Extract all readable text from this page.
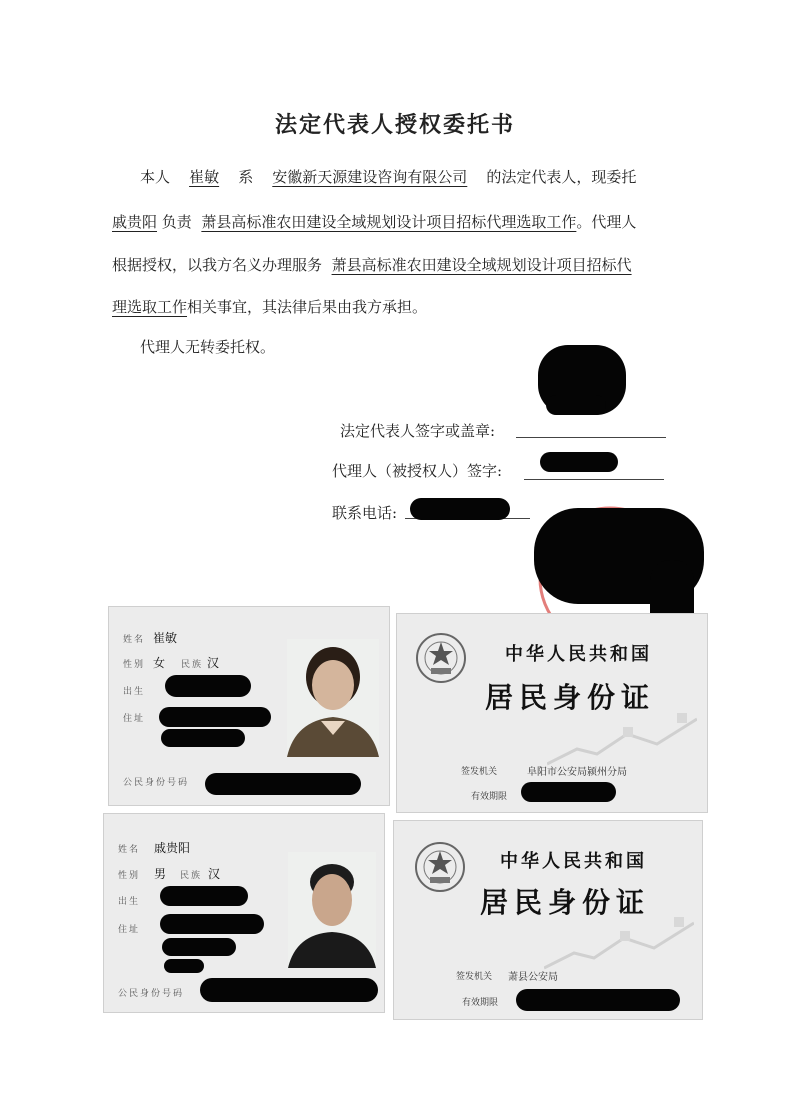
法定代表人授权委托书
本人 崔敏 系 安徽新天源建设咨询有限公司 的法定代表人，现委托
戚贵阳 负责 萧县高标准农田建设全域规划设计项目招标代理选取工作。代理人
根据授权，以我方名义办理服务 萧县高标准农田建设全域规划设计项目招标代
理选取工作相关事宜，其法律后果由我方承担。
代理人无转委托权。
法定代表人签字或盖章:
代理人（被授权人）签字:
联系电话:
姓名 崔敏
性别 女 民族 汉
出生
住址
公民身份号码
中华人民共和国
居民身份证
签发机关	阜阳市公安局颍州分局
有效期限
姓名 戚贵阳
性别 男 民族 汉
出生
住址
公民身份号码
中华人民共和国
居民身份证
签发机关 萧县公安局
有效期限
